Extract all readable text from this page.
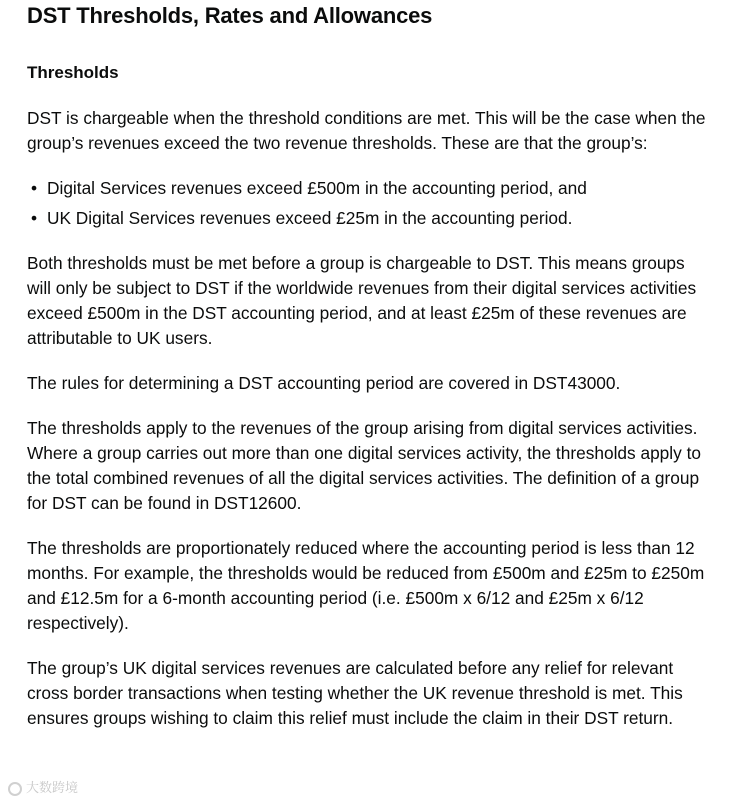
DST Thresholds, Rates and Allowances
Thresholds

DST is chargeable when the threshold conditions are met. This will be the case when the group’s revenues exceed the two revenue thresholds. These are that the group’s:

• Digital Services revenues exceed £500m in the accounting period, and
• UK Digital Services revenues exceed £25m in the accounting period.

Both thresholds must be met before a group is chargeable to DST. This means groups will only be subject to DST if the worldwide revenues from their digital services activities exceed £500m in the DST accounting period, and at least £25m of these revenues are attributable to UK users.

The rules for determining a DST accounting period are covered in DST43000.

The thresholds apply to the revenues of the group arising from digital services activities. Where a group carries out more than one digital services activity, the thresholds apply to the total combined revenues of all the digital services activities. The definition of a group for DST can be found in DST12600.

The thresholds are proportionately reduced where the accounting period is less than 12 months. For example, the thresholds would be reduced from £500m and £25m to £250m and £12.5m for a 6-month accounting period (i.e. £500m x 6/12 and £25m x 6/12 respectively).

The group’s UK digital services revenues are calculated before any relief for relevant cross border transactions when testing whether the UK revenue threshold is met. This ensures groups wishing to claim this relief must include the claim in their DST return.

大数跨境
